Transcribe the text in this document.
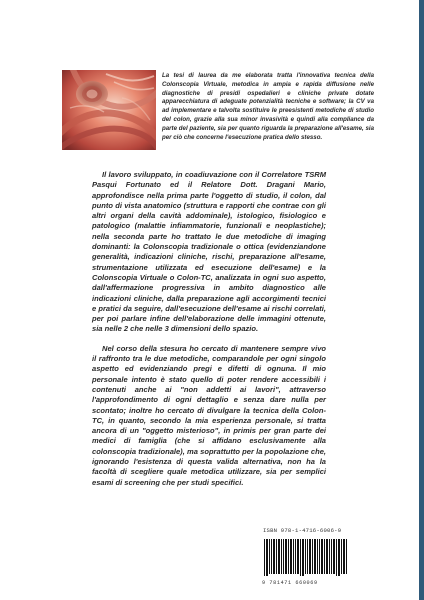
La tesi di laurea da me elaborata tratta l'innovativa tecnica della Colonscopia Virtuale, metodica in ampia e rapida diffusione nelle diagnostiche di presidi ospedalieri e cliniche private dotate apparecchiatura di adeguate potenzialità tecniche e software; la CV va ad implementare e talvolta sostituire le preesistenti metodiche di studio del colon, grazie alla sua minor invasività e quindi alla compliance da parte del paziente, sia per quanto riguarda la preparazione all'esame, sia per ciò che concerne l'esecuzione pratica dello stesso.

Il lavoro sviluppato, in coadiuvazione con il Correlatore TSRM Pasqui Fortunato ed il Relatore Dott. Dragani Mario, approfondisce nella prima parte l'oggetto di studio, il colon, dal punto di vista anatomico (struttura e rapporti che contrae con gli altri organi della cavità addominale), istologico, fisiologico e patologico (malattie infiammatorie, funzionali e neoplastiche); nella seconda parte ho trattato le due metodiche di imaging dominanti: la Colonscopia tradizionale o ottica (evidenziandone generalità, indicazioni cliniche, rischi, preparazione all'esame, strumentazione utilizzata ed esecuzione dell'esame) e la Colonscopia Virtuale o Colon-TC, analizzata in ogni suo aspetto, dall'affermazione progressiva in ambito diagnostico alle indicazioni cliniche, dalla preparazione agli accorgimenti tecnici e pratici da seguire, dall'esecuzione dell'esame ai rischi correlati, per poi parlare infine dell'elaborazione delle immagini ottenute, sia nelle 2 che nelle 3 dimensioni dello spazio.

Nel corso della stesura ho cercato di mantenere sempre vivo il raffronto tra le due metodiche, comparandole per ogni singolo aspetto ed evidenziando pregi e difetti di ognuna. Il mio personale intento è stato quello di poter rendere accessibili i contenuti anche ai "non addetti ai lavori", attraverso l'approfondimento di ogni dettaglio e senza dare nulla per scontato; inoltre ho cercato di divulgare la tecnica della Colon-TC, in quanto, secondo la mia esperienza personale, si tratta ancora di un "oggetto misterioso", in primis per gran parte dei medici di famiglia (che si affidano esclusivamente alla colonscopia tradizionale), ma soprattutto per la popolazione che, ignorando l'esistenza di questa valida alternativa, non ha la facoltà di scegliere quale metodica utilizzare, sia per semplici esami di screening che per studi specifici.

ISBN 978-1-4716-6006-9
9 781471 660069
